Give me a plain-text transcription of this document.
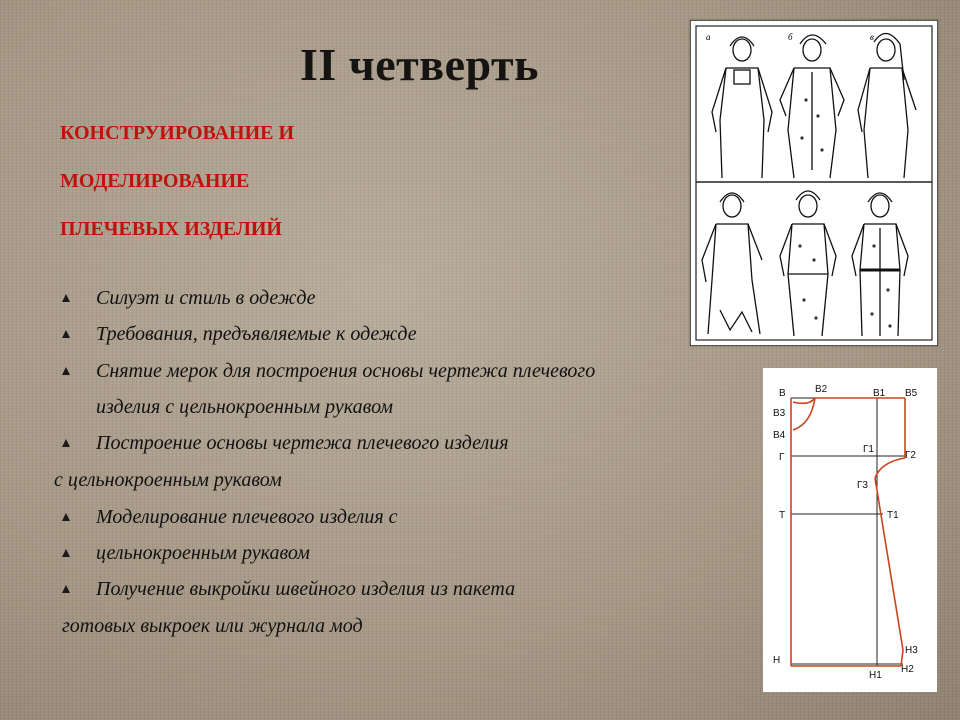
II четверть
КОНСТРУИРОВАНИЕ И
МОДЕЛИРОВАНИЕ
ПЛЕЧЕВЫХ ИЗДЕЛИЙ
Силуэт и стиль в одежде
Требования, предъявляемые к одежде
Снятие мерок для построения основы чертежа плечевого
изделия с цельнокроенным рукавом
Построение основы чертежа плечевого изделия
с цельнокроенным рукавом
Моделирование плечевого изделия с
цельнокроенным рукавом
Получение выкройки швейного изделия из пакета
готовых выкроек или журнала мод
а	б	в
В	В2	В1 В5
В3
В4
Г
Г1
Г2
Г3
Т	Т1
Н
Н3
Н1
Н2
